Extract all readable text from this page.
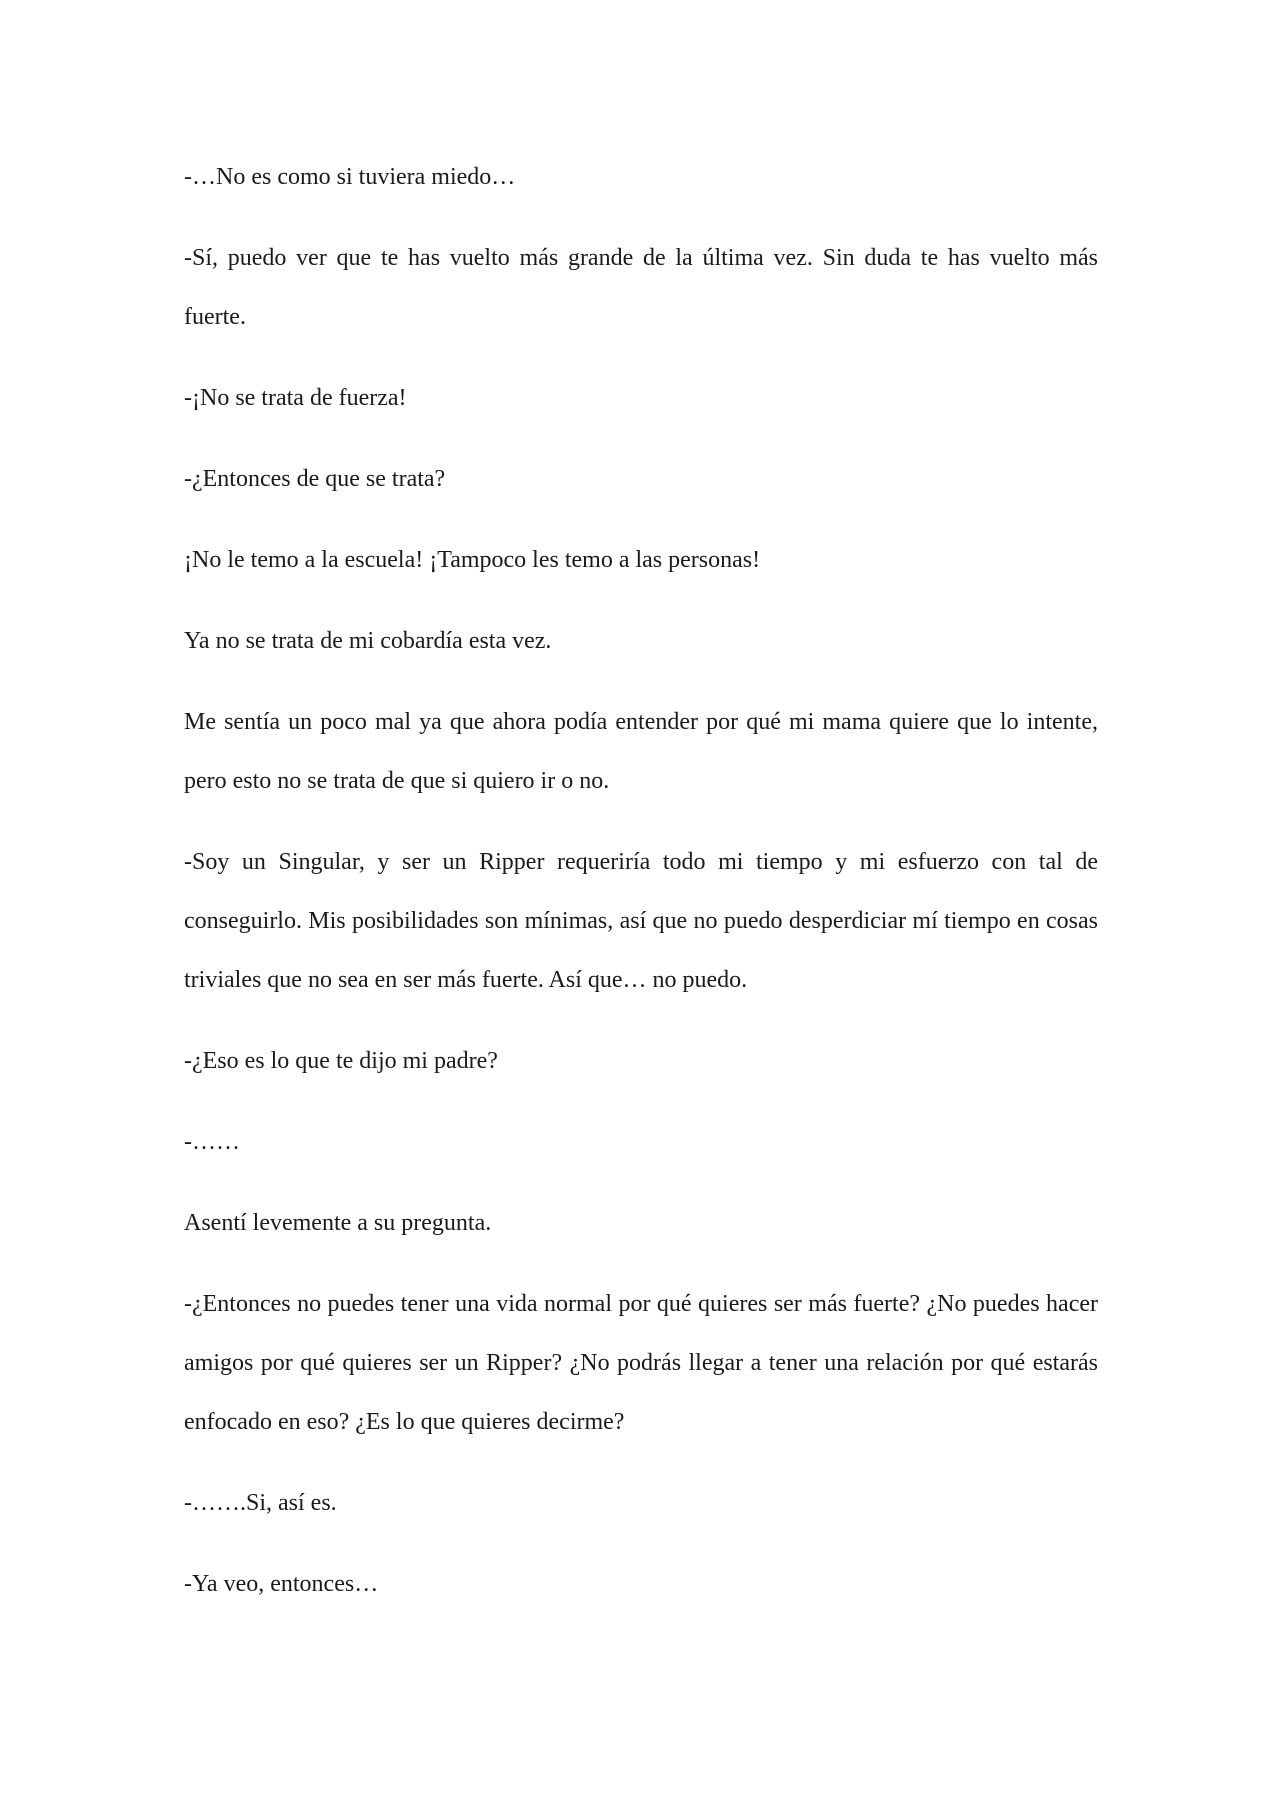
-…No es como si tuviera miedo…

-Sí, puedo ver que te has vuelto más grande de la última vez. Sin duda te has vuelto más fuerte.

-¡No se trata de fuerza!

-¿Entonces de que se trata?

¡No le temo a la escuela! ¡Tampoco les temo a las personas!

Ya no se trata de mi cobardía esta vez.

Me sentía un poco mal ya que ahora podía entender por qué mi mama quiere que lo intente, pero esto no se trata de que si quiero ir o no.

-Soy un Singular, y ser un Ripper requeriría todo mi tiempo y mi esfuerzo con tal de conseguirlo. Mis posibilidades son mínimas, así que no puedo desperdiciar mí tiempo en cosas triviales que no sea en ser más fuerte. Así que… no puedo.

-¿Eso es lo que te dijo mi padre?

-……

Asentí levemente a su pregunta.

-¿Entonces no puedes tener una vida normal por qué quieres ser más fuerte? ¿No puedes hacer amigos por qué quieres ser un Ripper? ¿No podrás llegar a tener una relación por qué estarás enfocado en eso? ¿Es lo que quieres decirme?

-…….Si, así es.

-Ya veo, entonces…
